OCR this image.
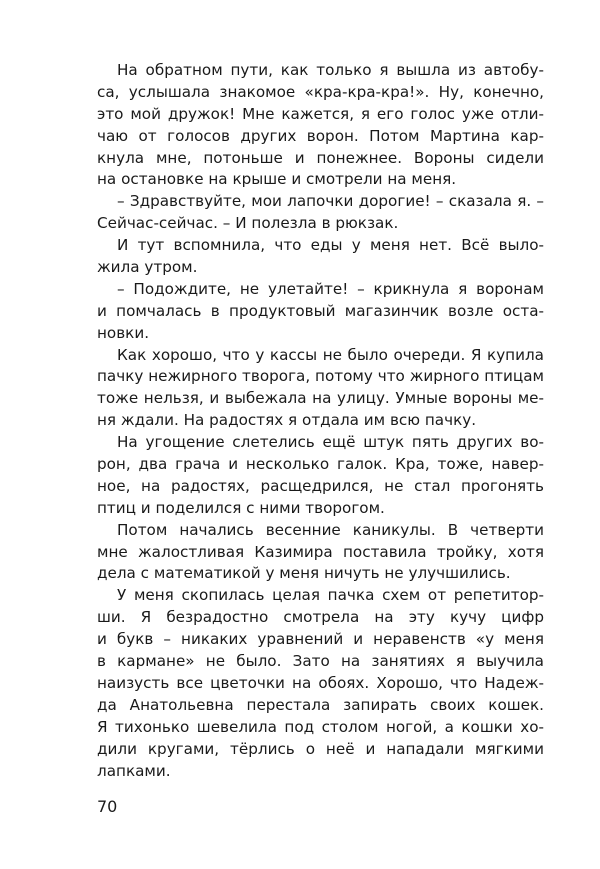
На обратном пути, как только я вышла из автобу-
са, услышала знакомое «кра-кра-кра!». Ну, конечно,
это мой дружок! Мне кажется, я его голос уже отли-
чаю от голосов других ворон. Потом Мартина кар-
кнула мне, потоньше и понежнее. Вороны сидели
на остановке на крыше и смотрели на меня.
– Здравствуйте, мои лапочки дорогие! – сказала я. –
Сейчас-сейчас. – И полезла в рюкзак.
И тут вспомнила, что еды у меня нет. Всё выло-
жила утром.
– Подождите, не улетайте! – крикнула я воронам
и помчалась в продуктовый магазинчик возле оста-
новки.
Как хорошо, что у кассы не было очереди. Я купила
пачку нежирного творога, потому что жирного птицам
тоже нельзя, и выбежала на улицу. Умные вороны ме-
ня ждали. На радостях я отдала им всю пачку.
На угощение слетелись ещё штук пять других во-
рон, два грача и несколько галок. Кра, тоже, навер-
ное, на радостях, расщедрился, не стал прогонять
птиц и поделился с ними творогом.
Потом начались весенние каникулы. В четверти
мне жалостливая Казимира поставила тройку, хотя
дела с математикой у меня ничуть не улучшились.
У меня скопилась целая пачка схем от репетитор-
ши. Я безрадостно смотрела на эту кучу цифр
и букв – никаких уравнений и неравенств «у меня
в кармане» не было. Зато на занятиях я выучила
наизусть все цветочки на обоях. Хорошо, что Надеж-
да Анатольевна перестала запирать своих кошек.
Я тихонько шевелила под столом ногой, а кошки хо-
дили кругами, тёрлись о неё и нападали мягкими
лапками.
70
